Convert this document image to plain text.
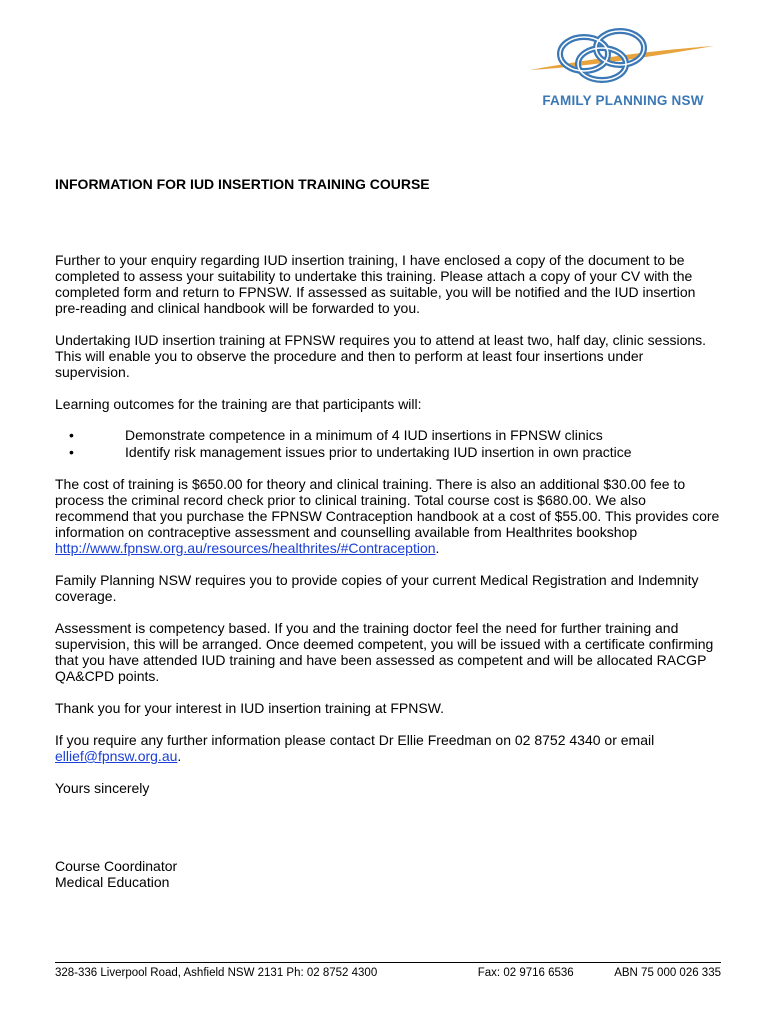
FAMILY PLANNING NSW

INFORMATION FOR IUD INSERTION TRAINING COURSE

Further to your enquiry regarding IUD insertion training, I have enclosed a copy of the document to be completed to assess your suitability to undertake this training. Please attach a copy of your CV with the completed form and return to FPNSW. If assessed as suitable, you will be notified and the IUD insertion pre-reading and clinical handbook will be forwarded to you.

Undertaking IUD insertion training at FPNSW requires you to attend at least two, half day, clinic sessions. This will enable you to observe the procedure and then to perform at least four insertions under supervision.

Learning outcomes for the training are that participants will:

•	Demonstrate competence in a minimum of 4 IUD insertions in FPNSW clinics
•	Identify risk management issues prior to undertaking IUD insertion in own practice

The cost of training is $650.00 for theory and clinical training. There is also an additional $30.00 fee to process the criminal record check prior to clinical training. Total course cost is $680.00. We also recommend that you purchase the FPNSW Contraception handbook at a cost of $55.00. This provides core information on contraceptive assessment and counselling available from Healthrites bookshop http://www.fpnsw.org.au/resources/healthrites/#Contraception.

Family Planning NSW requires you to provide copies of your current Medical Registration and Indemnity coverage.

Assessment is competency based. If you and the training doctor feel the need for further training and supervision, this will be arranged. Once deemed competent, you will be issued with a certificate confirming that you have attended IUD training and have been assessed as competent and will be allocated RACGP QA&CPD points.

Thank you for your interest in IUD insertion training at FPNSW.

If you require any further information please contact Dr Ellie Freedman on 02 8752 4340 or email ellief@fpnsw.org.au.

Yours sincerely

Course Coordinator

Medical Education

328-336 Liverpool Road, Ashfield NSW 2131 Ph: 02 8752 4300	Fax: 02 9716 6536	ABN 75 000 026 335
